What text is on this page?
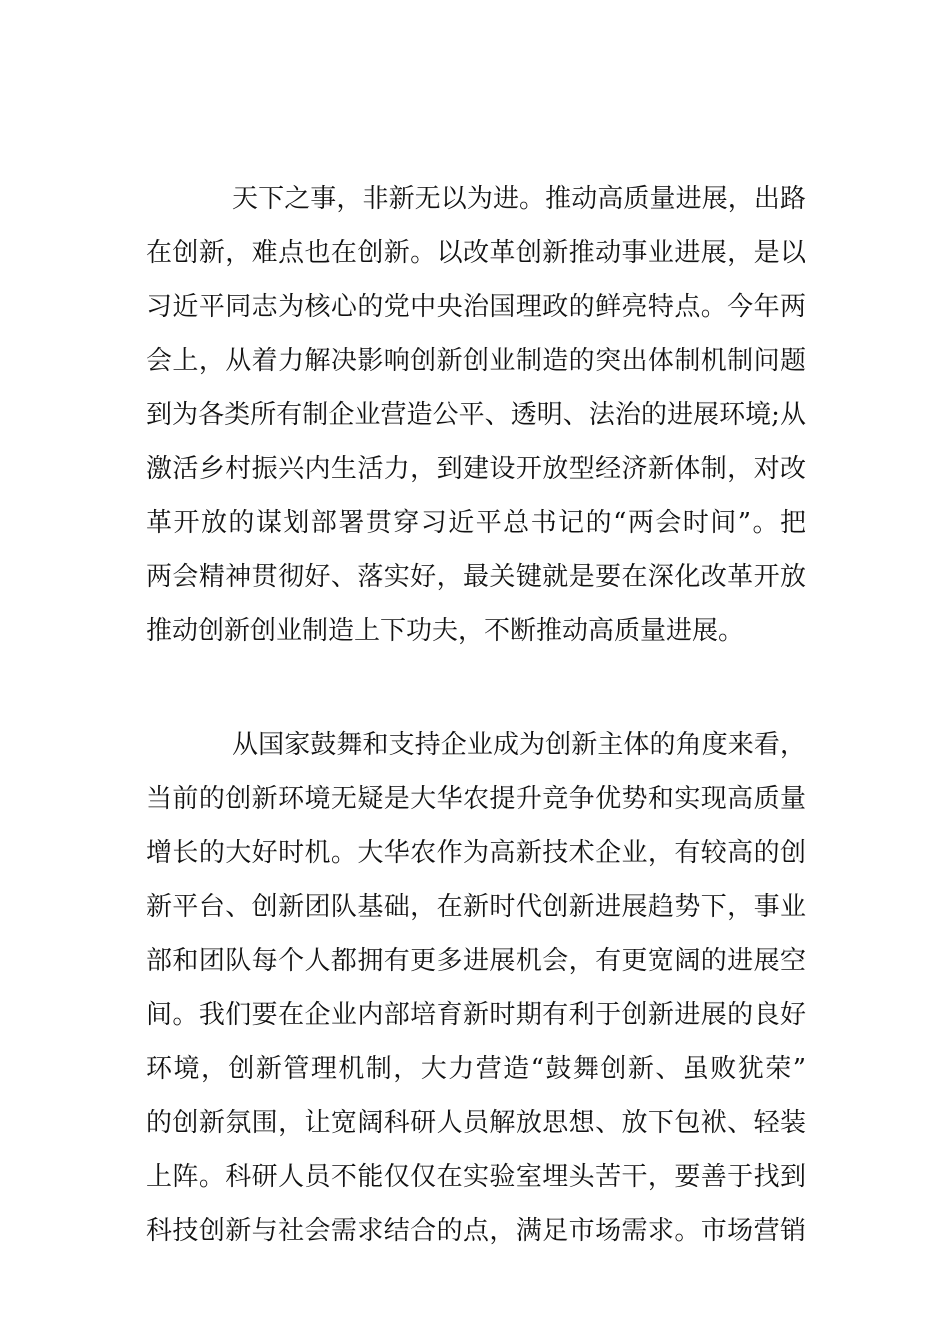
天下之事，非新无以为进。推动高质量进展，出路
在创新，难点也在创新。以改革创新推动事业进展，是以
习近平同志为核心的党中央治国理政的鲜亮特点。今年两
会上，从着力解决影响创新创业制造的突出体制机制问题
到为各类所有制企业营造公平、透明、法治的进展环境;从
激活乡村振兴内生活力，到建设开放型经济新体制，对改
革开放的谋划部署贯穿习近平总书记的“两会时间”。把
两会精神贯彻好、落实好，最关键就是要在深化改革开放
推动创新创业制造上下功夫，不断推动高质量进展。

从国家鼓舞和支持企业成为创新主体的角度来看，
当前的创新环境无疑是大华农提升竞争优势和实现高质量
增长的大好时机。大华农作为高新技术企业，有较高的创
新平台、创新团队基础，在新时代创新进展趋势下，事业
部和团队每个人都拥有更多进展机会，有更宽阔的进展空
间。我们要在企业内部培育新时期有利于创新进展的良好
环境，创新管理机制，大力营造“鼓舞创新、虽败犹荣”
的创新氛围，让宽阔科研人员解放思想、放下包袱、轻装
上阵。科研人员不能仅仅在实验室埋头苦干，要善于找到
科技创新与社会需求结合的点，满足市场需求。市场营销
